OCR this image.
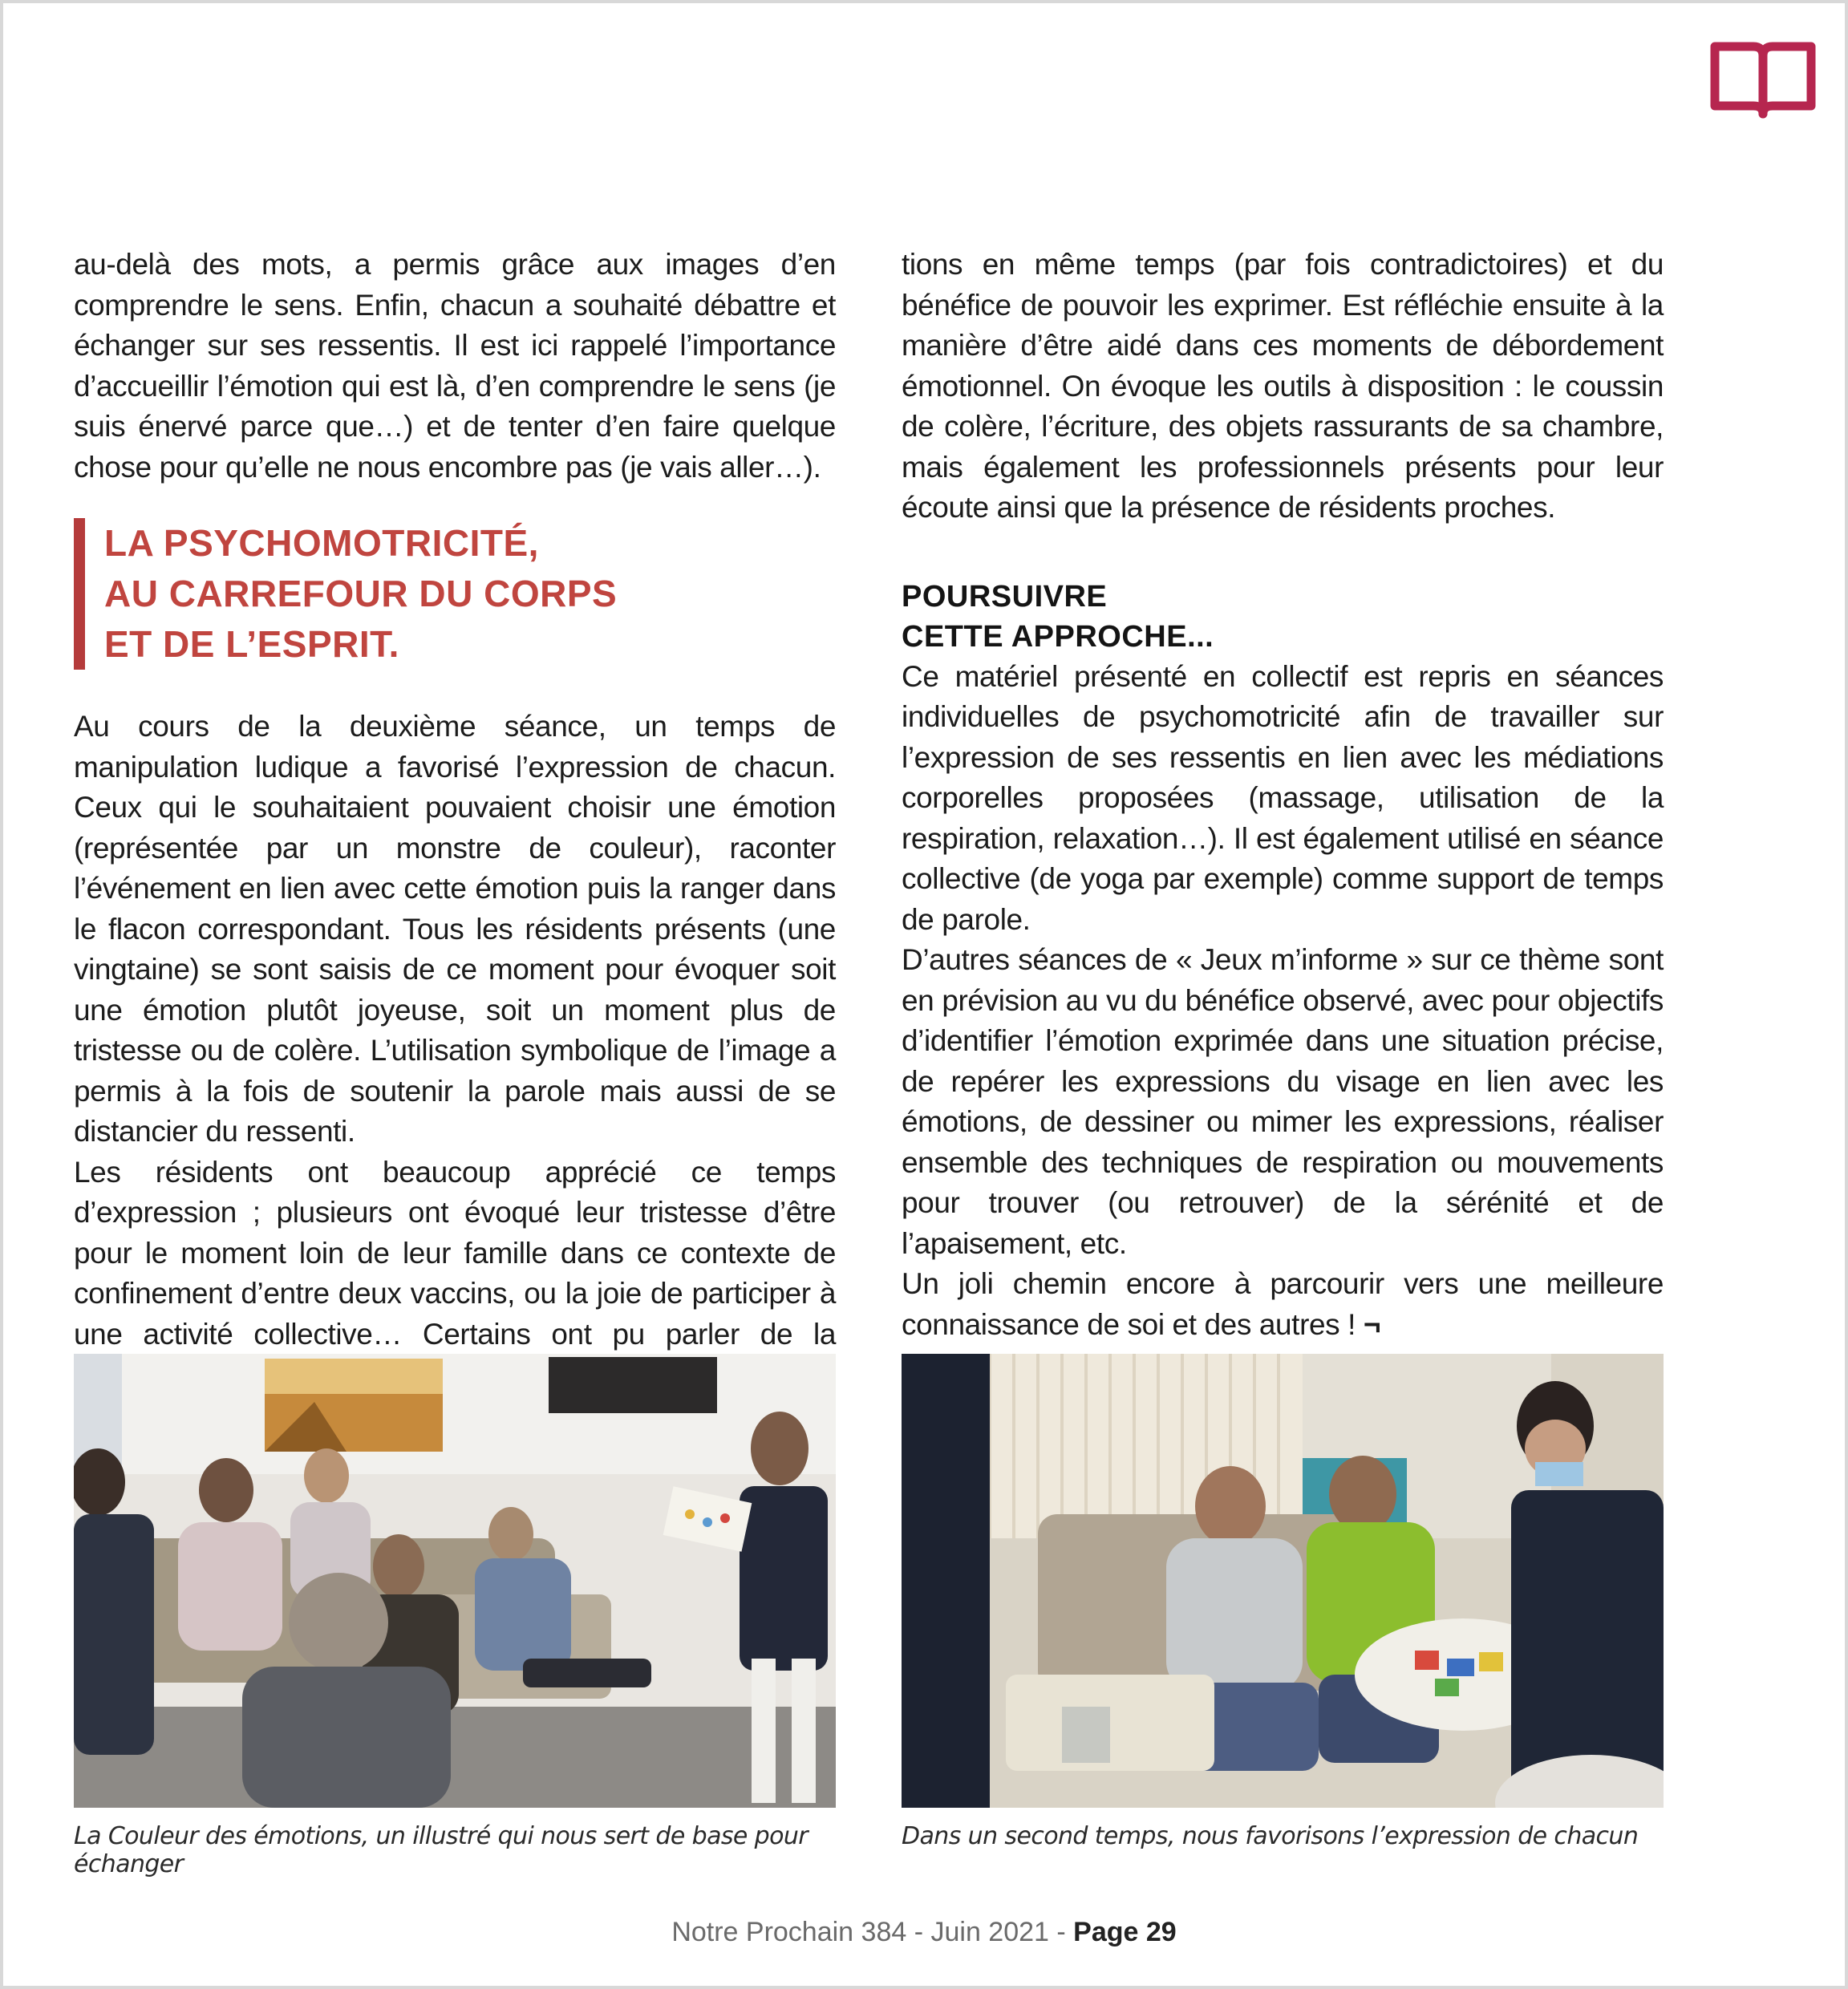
au-delà des mots, a permis grâce aux images d’en comprendre le sens. Enfin, chacun a souhaité débattre et échanger sur ses ressentis. Il est ici rappelé l’importance d’accueillir l’émotion qui est là, d’en comprendre le sens (je suis énervé parce que…) et de tenter d’en faire quelque chose pour qu’elle ne nous encombre pas (je vais aller…).

LA PSYCHOMOTRICITÉ,
AU CARREFOUR DU CORPS
ET DE L’ESPRIT.

Au cours de la deuxième séance, un temps de manipulation ludique a favorisé l’expression de chacun. Ceux qui le souhaitaient pouvaient choisir une émotion (représentée par un monstre de couleur), raconter l’événement en lien avec cette émotion puis la ranger dans le flacon correspondant. Tous les résidents présents (une vingtaine) se sont saisis de ce moment pour évoquer soit une émotion plutôt joyeuse, soit un moment plus de tristesse ou de colère. L’utilisation symbolique de l’image a permis à la fois de soutenir la parole mais aussi de se distancier du ressenti.

Les résidents ont beaucoup apprécié ce temps d’expression ; plusieurs ont évoqué leur tristesse d’être pour le moment loin de leur famille dans ce contexte de confinement d’entre deux vaccins, ou la joie de participer à une activité collective… Certains ont pu parler de la

tions en même temps (par fois contradictoires) et du bénéfice de pouvoir les exprimer. Est réfléchie ensuite à la manière d’être aidé dans ces moments de débordement émotionnel. On évoque les outils à disposition : le coussin de colère, l’écriture, des objets rassurants de sa chambre, mais également les professionnels présents pour leur écoute ainsi que la présence de résidents proches.

POURSUIVRE
CETTE APPROCHE...

Ce matériel présenté en collectif est repris en séances individuelles de psychomotricité afin de travailler sur l’expression de ses ressentis en lien avec les médiations corporelles proposées (massage, utilisation de la respiration, relaxation…). Il est également utilisé en séance collective (de yoga par exemple) comme support de temps de parole.

D’autres séances de « Jeux m’informe » sur ce thème sont en prévision au vu du bénéfice observé, avec pour objectifs d’identifier l’émotion exprimée dans une situation précise, de repérer les expressions du visage en lien avec les émotions, de dessiner ou mimer les expressions, réaliser ensemble des techniques de respiration ou mouvements pour trouver (ou retrouver) de la sérénité et de l’apaisement, etc.

Un joli chemin encore à parcourir vers une meilleure connaissance de soi et des autres ! ¬

La Couleur des émotions, un illustré qui nous sert de base pour échanger

Dans un second temps, nous favorisons l’expression de chacun

Notre Prochain 384 - Juin 2021 - Page 29
